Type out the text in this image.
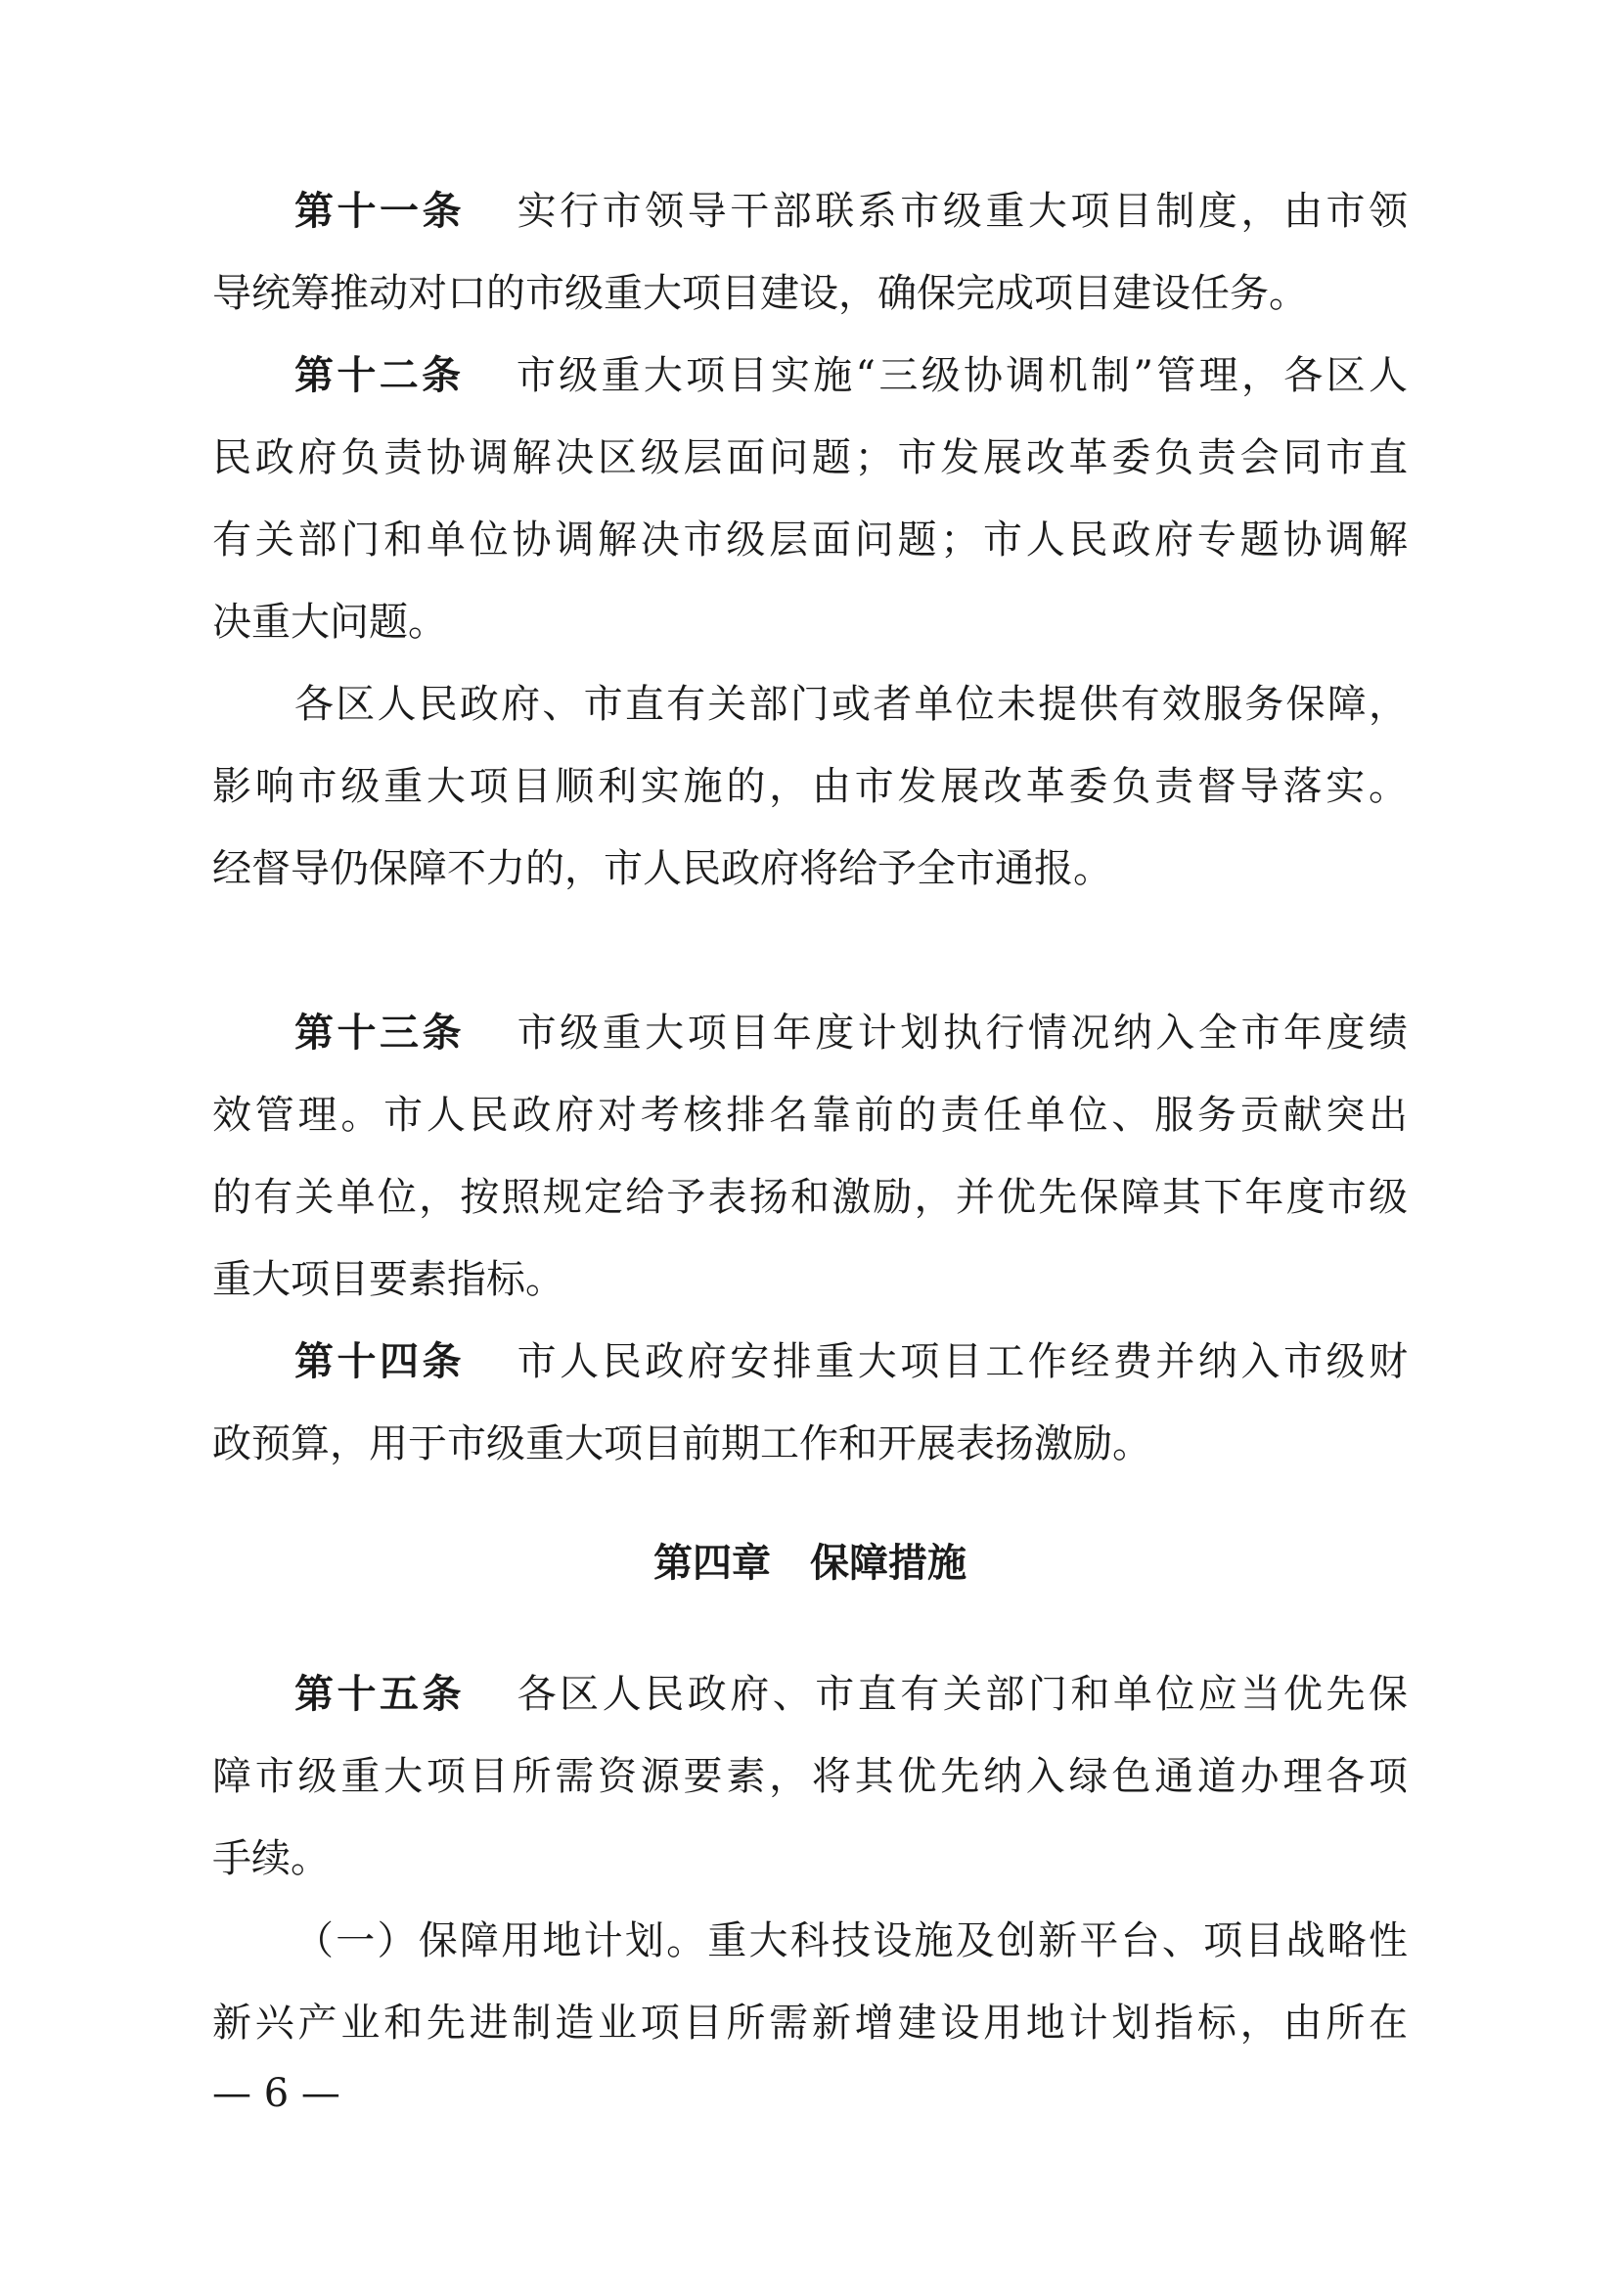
第十一条 实行市领导干部联系市级重大项目制度，由市领
导统筹推动对口的市级重大项目建设，确保完成项目建设任务。
第十二条 市级重大项目实施“三级协调机制”管理，各区人
民政府负责协调解决区级层面问题；市发展改革委负责会同市直
有关部门和单位协调解决市级层面问题；市人民政府专题协调解
决重大问题。
各区人民政府、市直有关部门或者单位未提供有效服务保障，
影响市级重大项目顺利实施的，由市发展改革委负责督导落实。
经督导仍保障不力的，市人民政府将给予全市通报。
第十三条 市级重大项目年度计划执行情况纳入全市年度绩
效管理。市人民政府对考核排名靠前的责任单位、服务贡献突出
的有关单位，按照规定给予表扬和激励，并优先保障其下年度市级
重大项目要素指标。
第十四条 市人民政府安排重大项目工作经费并纳入市级财
政预算，用于市级重大项目前期工作和开展表扬激励。
第四章 保障措施
第十五条 各区人民政府、市直有关部门和单位应当优先保
障市级重大项目所需资源要素，将其优先纳入绿色通道办理各项
手续。
（一）保障用地计划。重大科技设施及创新平台、项目战略性
新兴产业和先进制造业项目所需新增建设用地计划指标，由所在
— 6 —
